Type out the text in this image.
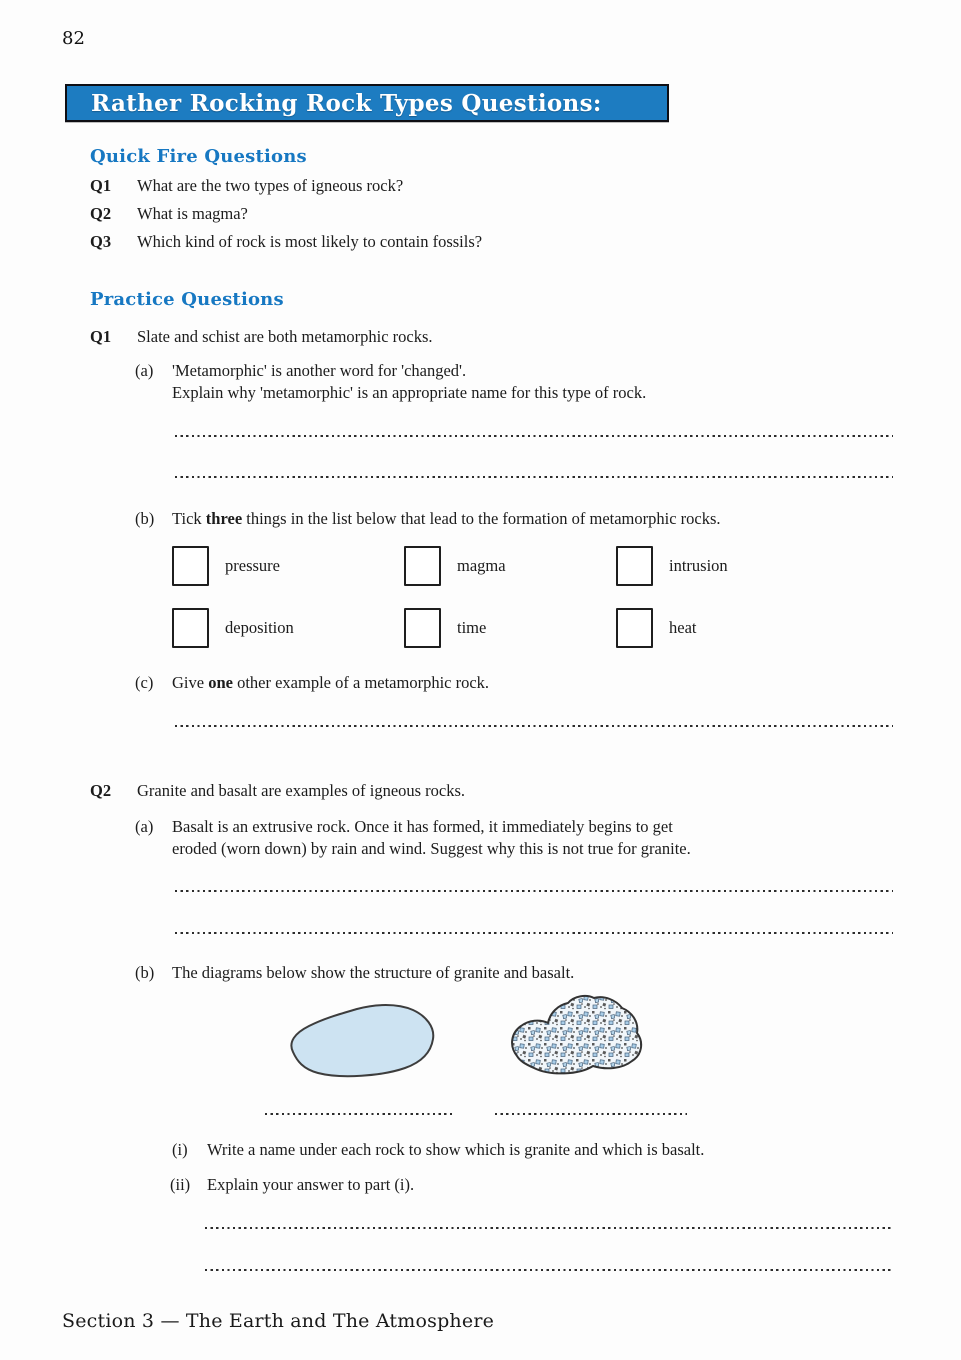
82
Rather Rocking Rock Types Questions:
Quick Fire Questions
Q1 What are the two types of igneous rock?
Q2 What is magma?
Q3 Which kind of rock is most likely to contain fossils?
Practice Questions
Q1 Slate and schist are both metamorphic rocks.
(a) 'Metamorphic' is another word for 'changed'.
Explain why 'metamorphic' is an appropriate name for this type of rock.
(b) Tick three things in the list below that lead to the formation of metamorphic rocks.
pressure	magma	intrusion
deposition	time	heat
(c) Give one other example of a metamorphic rock.
Q2 Granite and basalt are examples of igneous rocks.
(a) Basalt is an extrusive rock. Once it has formed, it immediately begins to get
eroded (worn down) by rain and wind. Suggest why this is not true for granite.
(b) The diagrams below show the structure of granite and basalt.
(i) Write a name under each rock to show which is granite and which is basalt.
(ii) Explain your answer to part (i).
Section 3 — The Earth and The Atmosphere
